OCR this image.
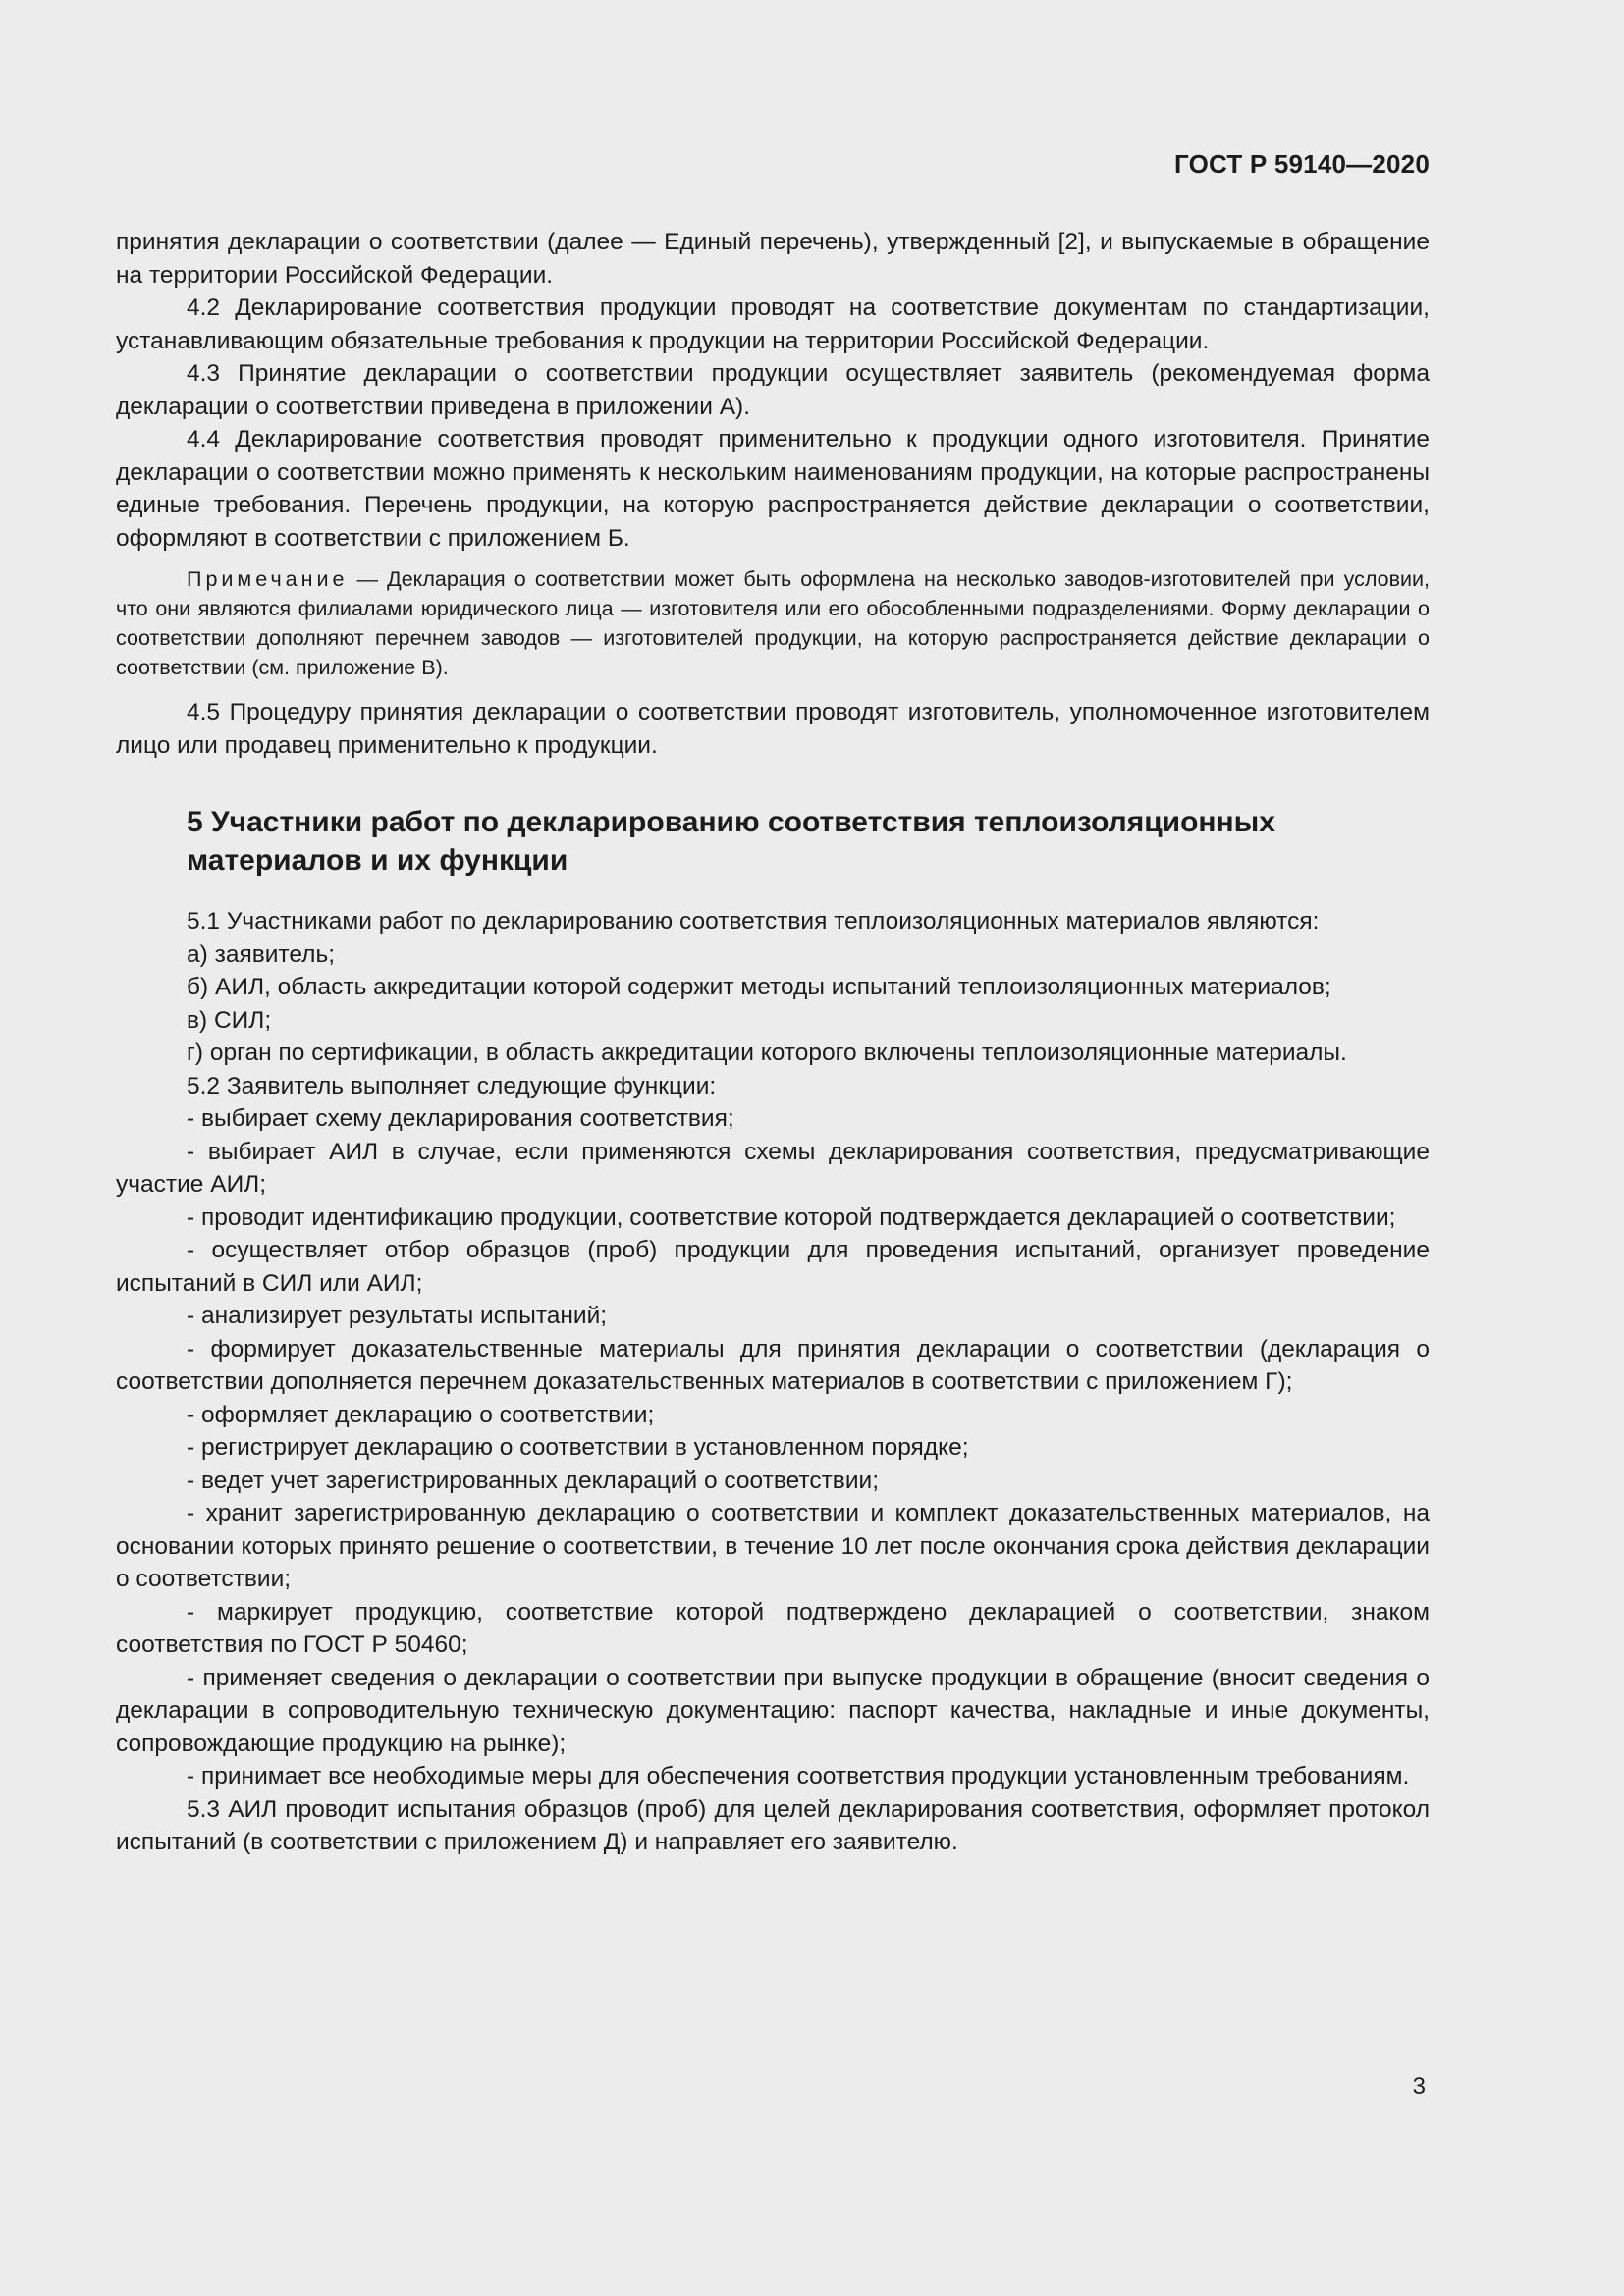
ГОСТ Р 59140—2020

принятия декларации о соответствии (далее — Единый перечень), утвержденный [2], и выпускаемые в обращение на территории Российской Федерации.

4.2 Декларирование соответствия продукции проводят на соответствие документам по стандартизации, устанавливающим обязательные требования к продукции на территории Российской Федерации.

4.3 Принятие декларации о соответствии продукции осуществляет заявитель (рекомендуемая форма декларации о соответствии приведена в приложении А).

4.4 Декларирование соответствия проводят применительно к продукции одного изготовителя. Принятие декларации о соответствии можно применять к нескольким наименованиям продукции, на которые распространены единые требования. Перечень продукции, на которую распространяется действие декларации о соответствии, оформляют в соответствии с приложением Б.

Примечание — Декларация о соответствии может быть оформлена на несколько заводов-изготовителей при условии, что они являются филиалами юридического лица — изготовителя или его обособленными подразделениями. Форму декларации о соответствии дополняют перечнем заводов — изготовителей продукции, на которую распространяется действие декларации о соответствии (см. приложение В).

4.5 Процедуру принятия декларации о соответствии проводят изготовитель, уполномоченное изготовителем лицо или продавец применительно к продукции.

5 Участники работ по декларированию соответствия теплоизоляционных материалов и их функции

5.1 Участниками работ по декларированию соответствия теплоизоляционных материалов являются:

а) заявитель;

б) АИЛ, область аккредитации которой содержит методы испытаний теплоизоляционных материалов;

в) СИЛ;

г) орган по сертификации, в область аккредитации которого включены теплоизоляционные материалы.

5.2 Заявитель выполняет следующие функции:

- выбирает схему декларирования соответствия;

- выбирает АИЛ в случае, если применяются схемы декларирования соответствия, предусматривающие участие АИЛ;

- проводит идентификацию продукции, соответствие которой подтверждается декларацией о соответствии;

- осуществляет отбор образцов (проб) продукции для проведения испытаний, организует проведение испытаний в СИЛ или АИЛ;

- анализирует результаты испытаний;

- формирует доказательственные материалы для принятия декларации о соответствии (декларация о соответствии дополняется перечнем доказательственных материалов в соответствии с приложением Г);

- оформляет декларацию о соответствии;

- регистрирует декларацию о соответствии в установленном порядке;

- ведет учет зарегистрированных деклараций о соответствии;

- хранит зарегистрированную декларацию о соответствии и комплект доказательственных материалов, на основании которых принято решение о соответствии, в течение 10 лет после окончания срока действия декларации о соответствии;

- маркирует продукцию, соответствие которой подтверждено декларацией о соответствии, знаком соответствия по ГОСТ Р 50460;

- применяет сведения о декларации о соответствии при выпуске продукции в обращение (вносит сведения о декларации в сопроводительную техническую документацию: паспорт качества, накладные и иные документы, сопровождающие продукцию на рынке);

- принимает все необходимые меры для обеспечения соответствия продукции установленным требованиям.

5.3 АИЛ проводит испытания образцов (проб) для целей декларирования соответствия, оформляет протокол испытаний (в соответствии с приложением Д) и направляет его заявителю.

3
